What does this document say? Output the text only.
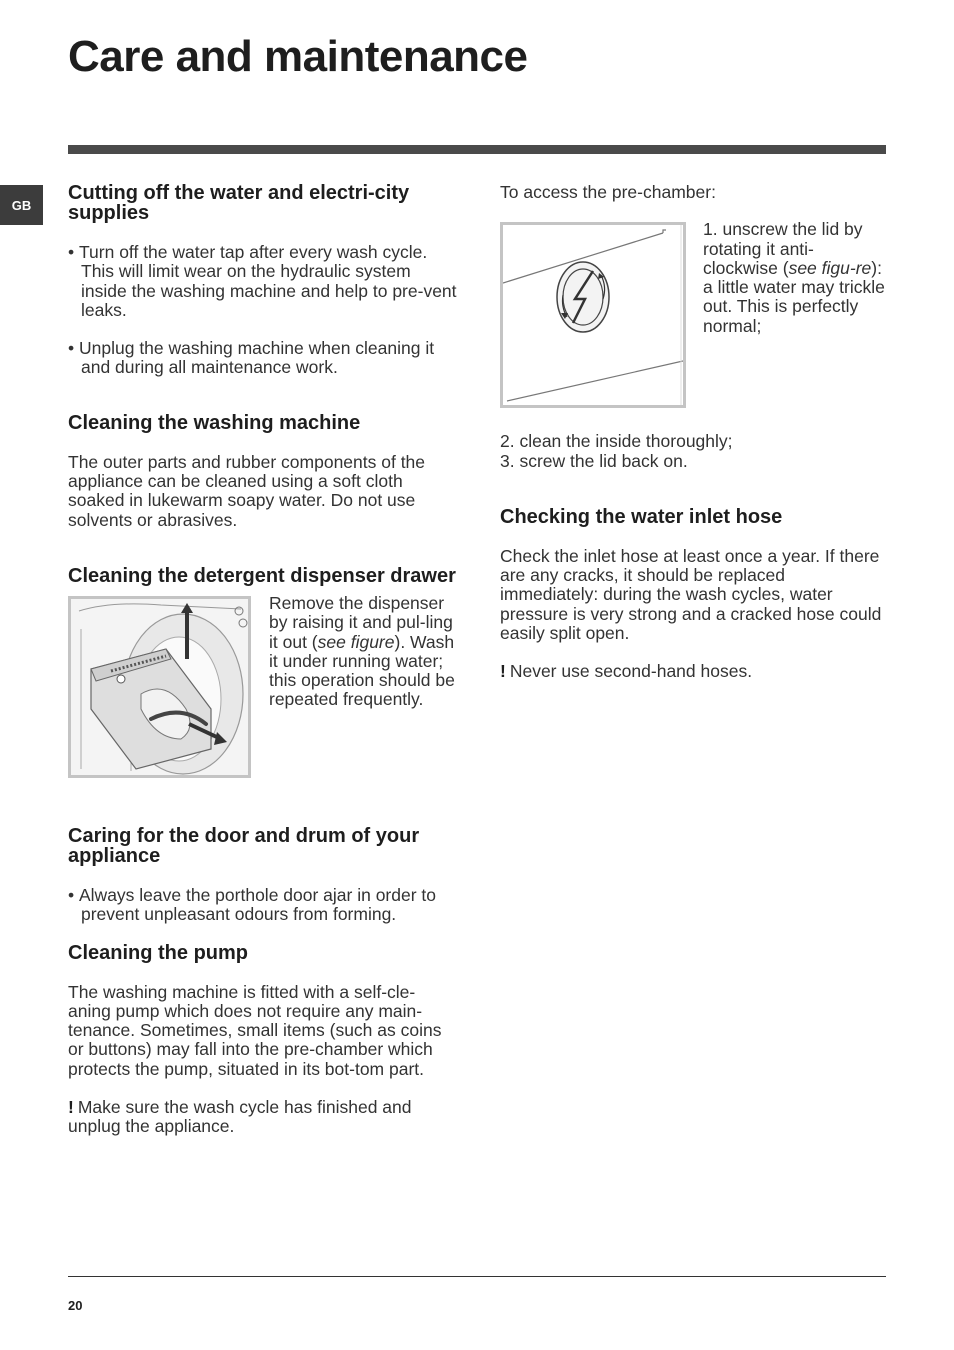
Care and maintenance
GB
Cutting off the water and electri-city supplies
• Turn off the water tap after every wash cycle. This will limit wear on the hydraulic system inside the washing machine and help to pre-vent leaks.
• Unplug the washing machine when cleaning it and during all maintenance work.
Cleaning the washing machine

The outer parts and rubber components of the appliance can be cleaned using a soft cloth soaked in lukewarm soapy water. Do not use solvents or abrasives.

Cleaning the detergent dispenser drawer

Remove the dispenser by raising it and pul-ling it out (see figure). Wash it under running water; this operation should be repeated frequently.

Caring for the door and drum of your appliance
• Always leave the porthole door ajar in order to prevent unpleasant odours from forming.
Cleaning the pump

The washing machine is fitted with a self-cle-aning pump which does not require any main-tenance. Sometimes, small items (such as coins or buttons) may fall into the pre-chamber which protects the pump, situated in its bot-tom part.

! Make sure the wash cycle has finished and unplug the appliance.

To access the pre-chamber:

1. unscrew the lid by rotating it anti-clockwise (see figu-re): a little water may trickle out. This is perfectly normal;

2. clean the inside thoroughly;

3. screw the lid back on.

Checking the water inlet hose

Check the inlet hose at least once a year. If there are any cracks, it should be replaced immediately: during the wash cycles, water pressure is very strong and a cracked hose could easily split open.

! Never use second-hand hoses.

20
